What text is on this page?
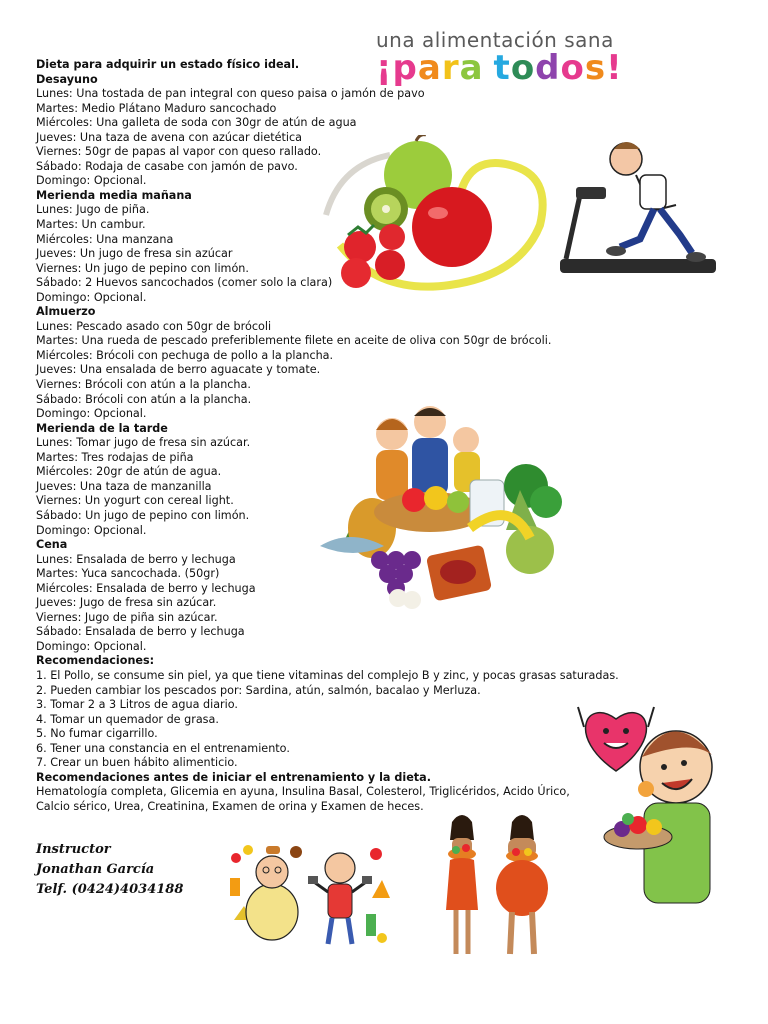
una alimentación sana
¡para todos!
Dieta para adquirir un estado físico ideal.
Desayuno
Lunes: Una tostada de pan integral con queso paisa o jamón de pavo
Martes: Medio Plátano Maduro sancochado
Miércoles: Una galleta de soda con 30gr de atún de agua
Jueves: Una taza de avena con azúcar dietética
Viernes: 50gr de papas al vapor con queso rallado.
Sábado: Rodaja de casabe con jamón de pavo.
Domingo: Opcional.
Merienda media mañana
Lunes: Jugo de piña.
Martes: Un cambur.
Miércoles: Una manzana
Jueves: Un jugo de fresa sin azúcar
Viernes: Un jugo de pepino con limón.
Sábado: 2 Huevos sancochados (comer solo la clara)
Domingo: Opcional.
Almuerzo
Lunes: Pescado asado con 50gr de brócoli
Martes: Una rueda de pescado preferiblemente filete en aceite de oliva con 50gr de brócoli.
Miércoles: Brócoli con pechuga de pollo a la plancha.
Jueves: Una ensalada de berro aguacate y tomate.
Viernes: Brócoli con atún a la plancha.
Sábado: Brócoli con atún a la plancha.
Domingo: Opcional.
Merienda de la tarde
Lunes: Tomar jugo de fresa sin azúcar.
Martes: Tres rodajas de piña
Miércoles: 20gr de atún de agua.
Jueves: Una taza de manzanilla
Viernes: Un yogurt con cereal light.
Sábado: Un jugo de pepino con limón.
Domingo: Opcional.
Cena
Lunes: Ensalada de berro y lechuga
Martes: Yuca sancochada. (50gr)
Miércoles: Ensalada de berro y lechuga
Jueves: Jugo de fresa sin azúcar.
Viernes: Jugo de piña sin azúcar.
Sábado: Ensalada de berro y lechuga
Domingo: Opcional.
Recomendaciones:
1. El Pollo, se consume sin piel, ya que tiene vitaminas del complejo B y zinc, y pocas grasas saturadas.
2. Pueden cambiar los pescados por: Sardina, atún, salmón, bacalao y Merluza.
3. Tomar 2 a 3 Litros de agua diario.
4. Tomar un quemador de grasa.
5. No fumar cigarrillo.
6. Tener una constancia en el entrenamiento.
7. Crear un buen hábito alimenticio.
Recomendaciones antes de iniciar el entrenamiento y la dieta.
Hematología completa, Glicemia en ayuna, Insulina Basal, Colesterol, Triglicéridos, Acido Úrico,
Calcio sérico, Urea, Creatinina, Examen de orina y Examen de heces.
Instructor
Jonathan García
Telf. (0424)4034188
